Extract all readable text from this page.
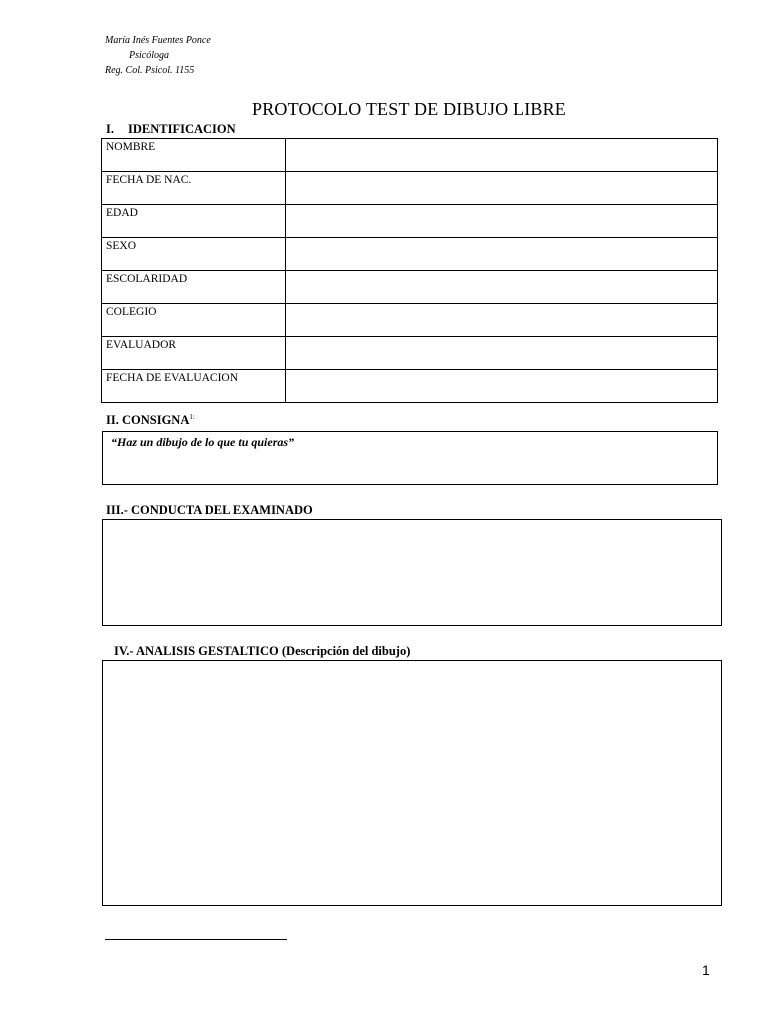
María Inés Fuentes Ponce
Psicóloga
Reg. Col. Psicol. 1155
PROTOCOLO TEST DE DIBUJO LIBRE
I. IDENTIFICACION
NOMBRE	
FECHA DE NAC.	
EDAD	
SEXO	
ESCOLARIDAD	
COLEGIO	
EVALUADOR	
FECHA DE EVALUACION	
II. $CONSIGNA^{1:}$
“Haz un dibujo de lo que tu quieras”
III.- CONDUCTA DEL EXAMINADO
IV.- ANALISIS GESTALTICO (Descripción del dibujo)
1
